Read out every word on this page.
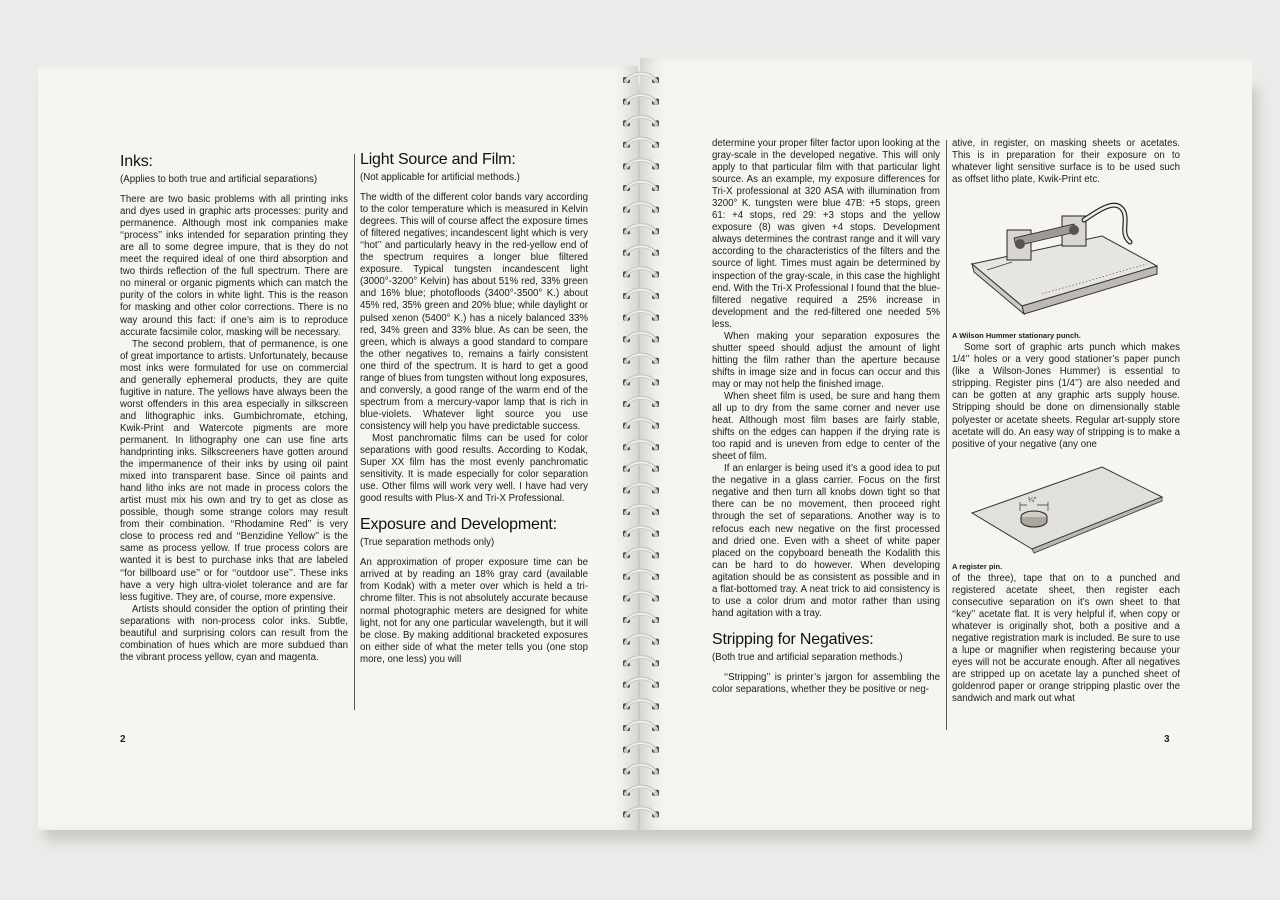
Inks:

(Applies to both true and artificial separations)

There are two basic problems with all printing inks and dyes used in graphic arts processes: purity and permanence. Although most ink companies make ‘‘process’’ inks intended for separation printing they are all to some degree impure, that is they do not meet the required ideal of one third absorption and two thirds reflection of the full spectrum. There are no mineral or organic pigments which can match the purity of the colors in white light. This is the reason for masking and other color corrections. There is no way around this fact: if one’s aim is to reproduce accurate facsimile color, masking will be necessary.

The second problem, that of permanence, is one of great importance to artists. Unfortunately, because most inks were formulated for use on commercial and generally ephemeral products, they are quite fugitive in nature. The yellows have always been the worst offenders in this area especially in silkscreen and lithographic inks. Gumbichromate, etching, Kwik-Print and Watercote pigments are more permanent. In lithography one can use fine arts handprinting inks. Silkscreeners have gotten around the impermanence of their inks by using oil paint mixed into transparent base. Since oil paints and hand litho inks are not made in process colors the artist must mix his own and try to get as close as possible, though some strange colors may result from their combination. ‘‘Rhodamine Red’’ is very close to process red and ‘‘Benzidine Yellow’’ is the same as process yellow. If true process colors are wanted it is best to purchase inks that are labeled ‘‘for billboard use’’ or for ‘‘outdoor use’’. These inks have a very high ultra-violet tolerance and are far less fugitive. They are, of course, more expensive.

Artists should consider the option of printing their separations with non-process color inks. Subtle, beautiful and surprising colors can result from the combination of hues which are more subdued than the vibrant process yellow, cyan and magenta.

Light Source and Film:

(Not applicable for artificial methods.)

The width of the different color bands vary according to the color temperature which is measured in Kelvin degrees. This will of course affect the exposure times of filtered negatives; incandescent light which is very ‘‘hot’’ and particularly heavy in the red-yellow end of the spectrum requires a longer blue filtered exposure. Typical tungsten incandescent light (3000°-3200° Kelvin) has about 51% red, 33% green and 16% blue; photofloods (3400°-3500° K.) about 45% red, 35% green and 20% blue; while daylight or pulsed xenon (5400° K.) has a nicely balanced 33% red, 34% green and 33% blue. As can be seen, the green, which is always a good standard to compare the other negatives to, remains a fairly consistent one third of the spectrum. It is hard to get a good range of blues from tungsten without long exposures, and conversly, a good range of the warm end of the spectrum from a mercury-vapor lamp that is rich in blue-violets. Whatever light source you use consistency will help you have predictable success.

Most panchromatic films can be used for color separations with good results. According to Kodak, Super XX film has the most evenly panchromatic sensitivity. It is made especially for color separation use. Other films will work very well. I have had very good results with Plus-X and Tri-X Professional.

Exposure and Development:

(True separation methods only)

An approximation of proper exposure time can be arrived at by reading an 18% gray card (available from Kodak) with a meter over which is held a tri-chrome filter. This is not absolutely accurate because normal photographic meters are designed for white light, not for any one particular wavelength, but it will be close. By making additional bracketed exposures on either side of what the meter tells you (one stop more, one less) you will

2

determine your proper filter factor upon looking at the gray-scale in the developed negative. This will only apply to that particular film with that particular light source. As an example, my exposure differences for Tri-X professional at 320 ASA with illumination from 3200° K. tungsten were blue 47B: +5 stops, green 61: +4 stops, red 29: +3 stops and the yellow exposure (8) was given +4 stops. Development always determines the contrast range and it will vary according to the characteristics of the filters and the source of light. Times must again be determined by inspection of the gray-scale, in this case the highlight end. With the Tri-X Professional I found that the blue-filtered negative required a 25% increase in development and the red-filtered one needed 5% less.

When making your separation exposures the shutter speed should adjust the amount of light hitting the film rather than the aperture because shifts in image size and in focus can occur and this may or may not help the finished image.

When sheet film is used, be sure and hang them all up to dry from the same corner and never use heat. Although most film bases are fairly stable, shifts on the edges can happen if the drying rate is too rapid and is uneven from edge to center of the sheet of film.

If an enlarger is being used it’s a good idea to put the negative in a glass carrier. Focus on the first negative and then turn all knobs down tight so that there can be no movement, then proceed right through the set of separations. Another way is to refocus each new negative on the first processed and dried one. Even with a sheet of white paper placed on the copyboard beneath the Kodalith this can be hard to do however. When developing agitation should be as consistent as possible and in a flat-bottomed tray. A neat trick to aid consistency is to use a color drum and motor rather than using hand agitation with a tray.

Stripping for Negatives:

(Both true and artificial separation methods.)

‘‘Stripping’’ is printer’s jargon for assembling the color separations, whether they be positive or neg-

ative, in register, on masking sheets or acetates. This is in preparation for their exposure on to whatever light sensitive surface is to be used such as offset litho plate, Kwik-Print etc.

A Wilson Hummer stationary punch.

Some sort of graphic arts punch which makes 1/4’’ holes or a very good stationer’s paper punch (like a Wilson-Jones Hummer) is essential to stripping. Register pins (1/4’’) are also needed and can be gotten at any graphic arts supply house. Stripping should be done on dimensionally stable polyester or acetate sheets. Regular art-supply store acetate will do. An easy way of stripping is to make a positive of your negative (any one

¼″

A register pin.

of the three), tape that on to a punched and registered acetate sheet, then register each consecutive separation on it’s own sheet to that ‘‘key’’ acetate flat. It is very helpful if, when copy or whatever is originally shot, both a positive and a negative registration mark is included. Be sure to use a lupe or magnifier when registering because your eyes will not be accurate enough. After all negatives are stripped up on acetate lay a punched sheet of goldenrod paper or orange stripping plastic over the sandwich and mark out what

3
